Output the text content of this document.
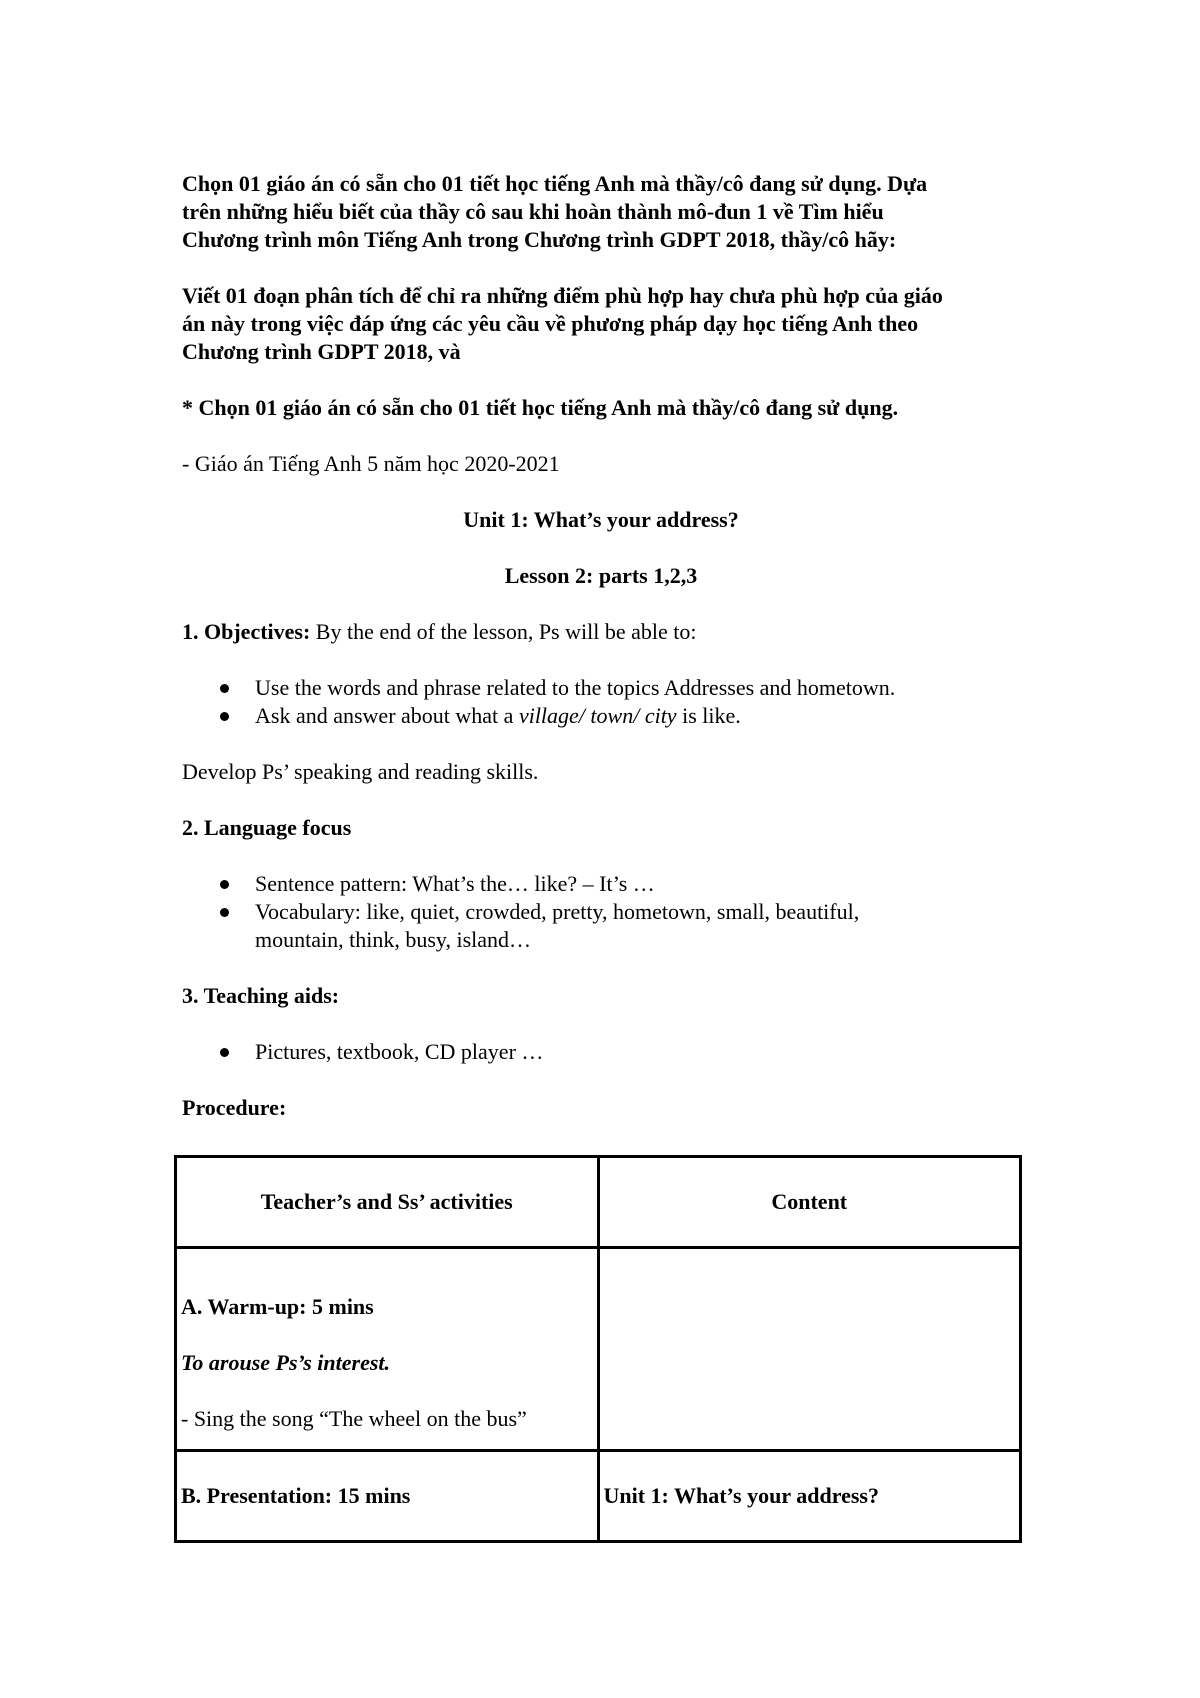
Chọn 01 giáo án có sẵn cho 01 tiết học tiếng Anh mà thầy/cô đang sử dụng. Dựa

trên những hiểu biết của thầy cô sau khi hoàn thành mô-đun 1 về Tìm hiểu

Chương trình môn Tiếng Anh trong Chương trình GDPT 2018, thầy/cô hãy:

Viết 01 đoạn phân tích để chỉ ra những điểm phù hợp hay chưa phù hợp của giáo

án này trong việc đáp ứng các yêu cầu về phương pháp dạy học tiếng Anh theo

Chương trình GDPT 2018, và

* Chọn 01 giáo án có sẵn cho 01 tiết học tiếng Anh mà thầy/cô đang sử dụng.

- Giáo án Tiếng Anh 5 năm học 2020-2021

Unit 1: What’s your address?

Lesson 2: parts 1,2,3

1. Objectives: By the end of the lesson, Ps will be able to:

Use the words and phrase related to the topics Addresses and hometown.
Ask and answer about what a village/ town/ city is like.

Develop Ps’ speaking and reading skills.

2. Language focus

Sentence pattern: What’s the… like? – It’s …
Vocabulary: like, quiet, crowded, pretty, hometown, small, beautiful,
mountain, think, busy, island…

3. Teaching aids:

Pictures, textbook, CD player …

Procedure:

Teacher’s and Ss’ activities	Content

A. Warm-up: 5 mins

To arouse Ps’s interest.

- Sing the song “The wheel on the bus”	

B. Presentation: 15 mins	Unit 1: What’s your address?
